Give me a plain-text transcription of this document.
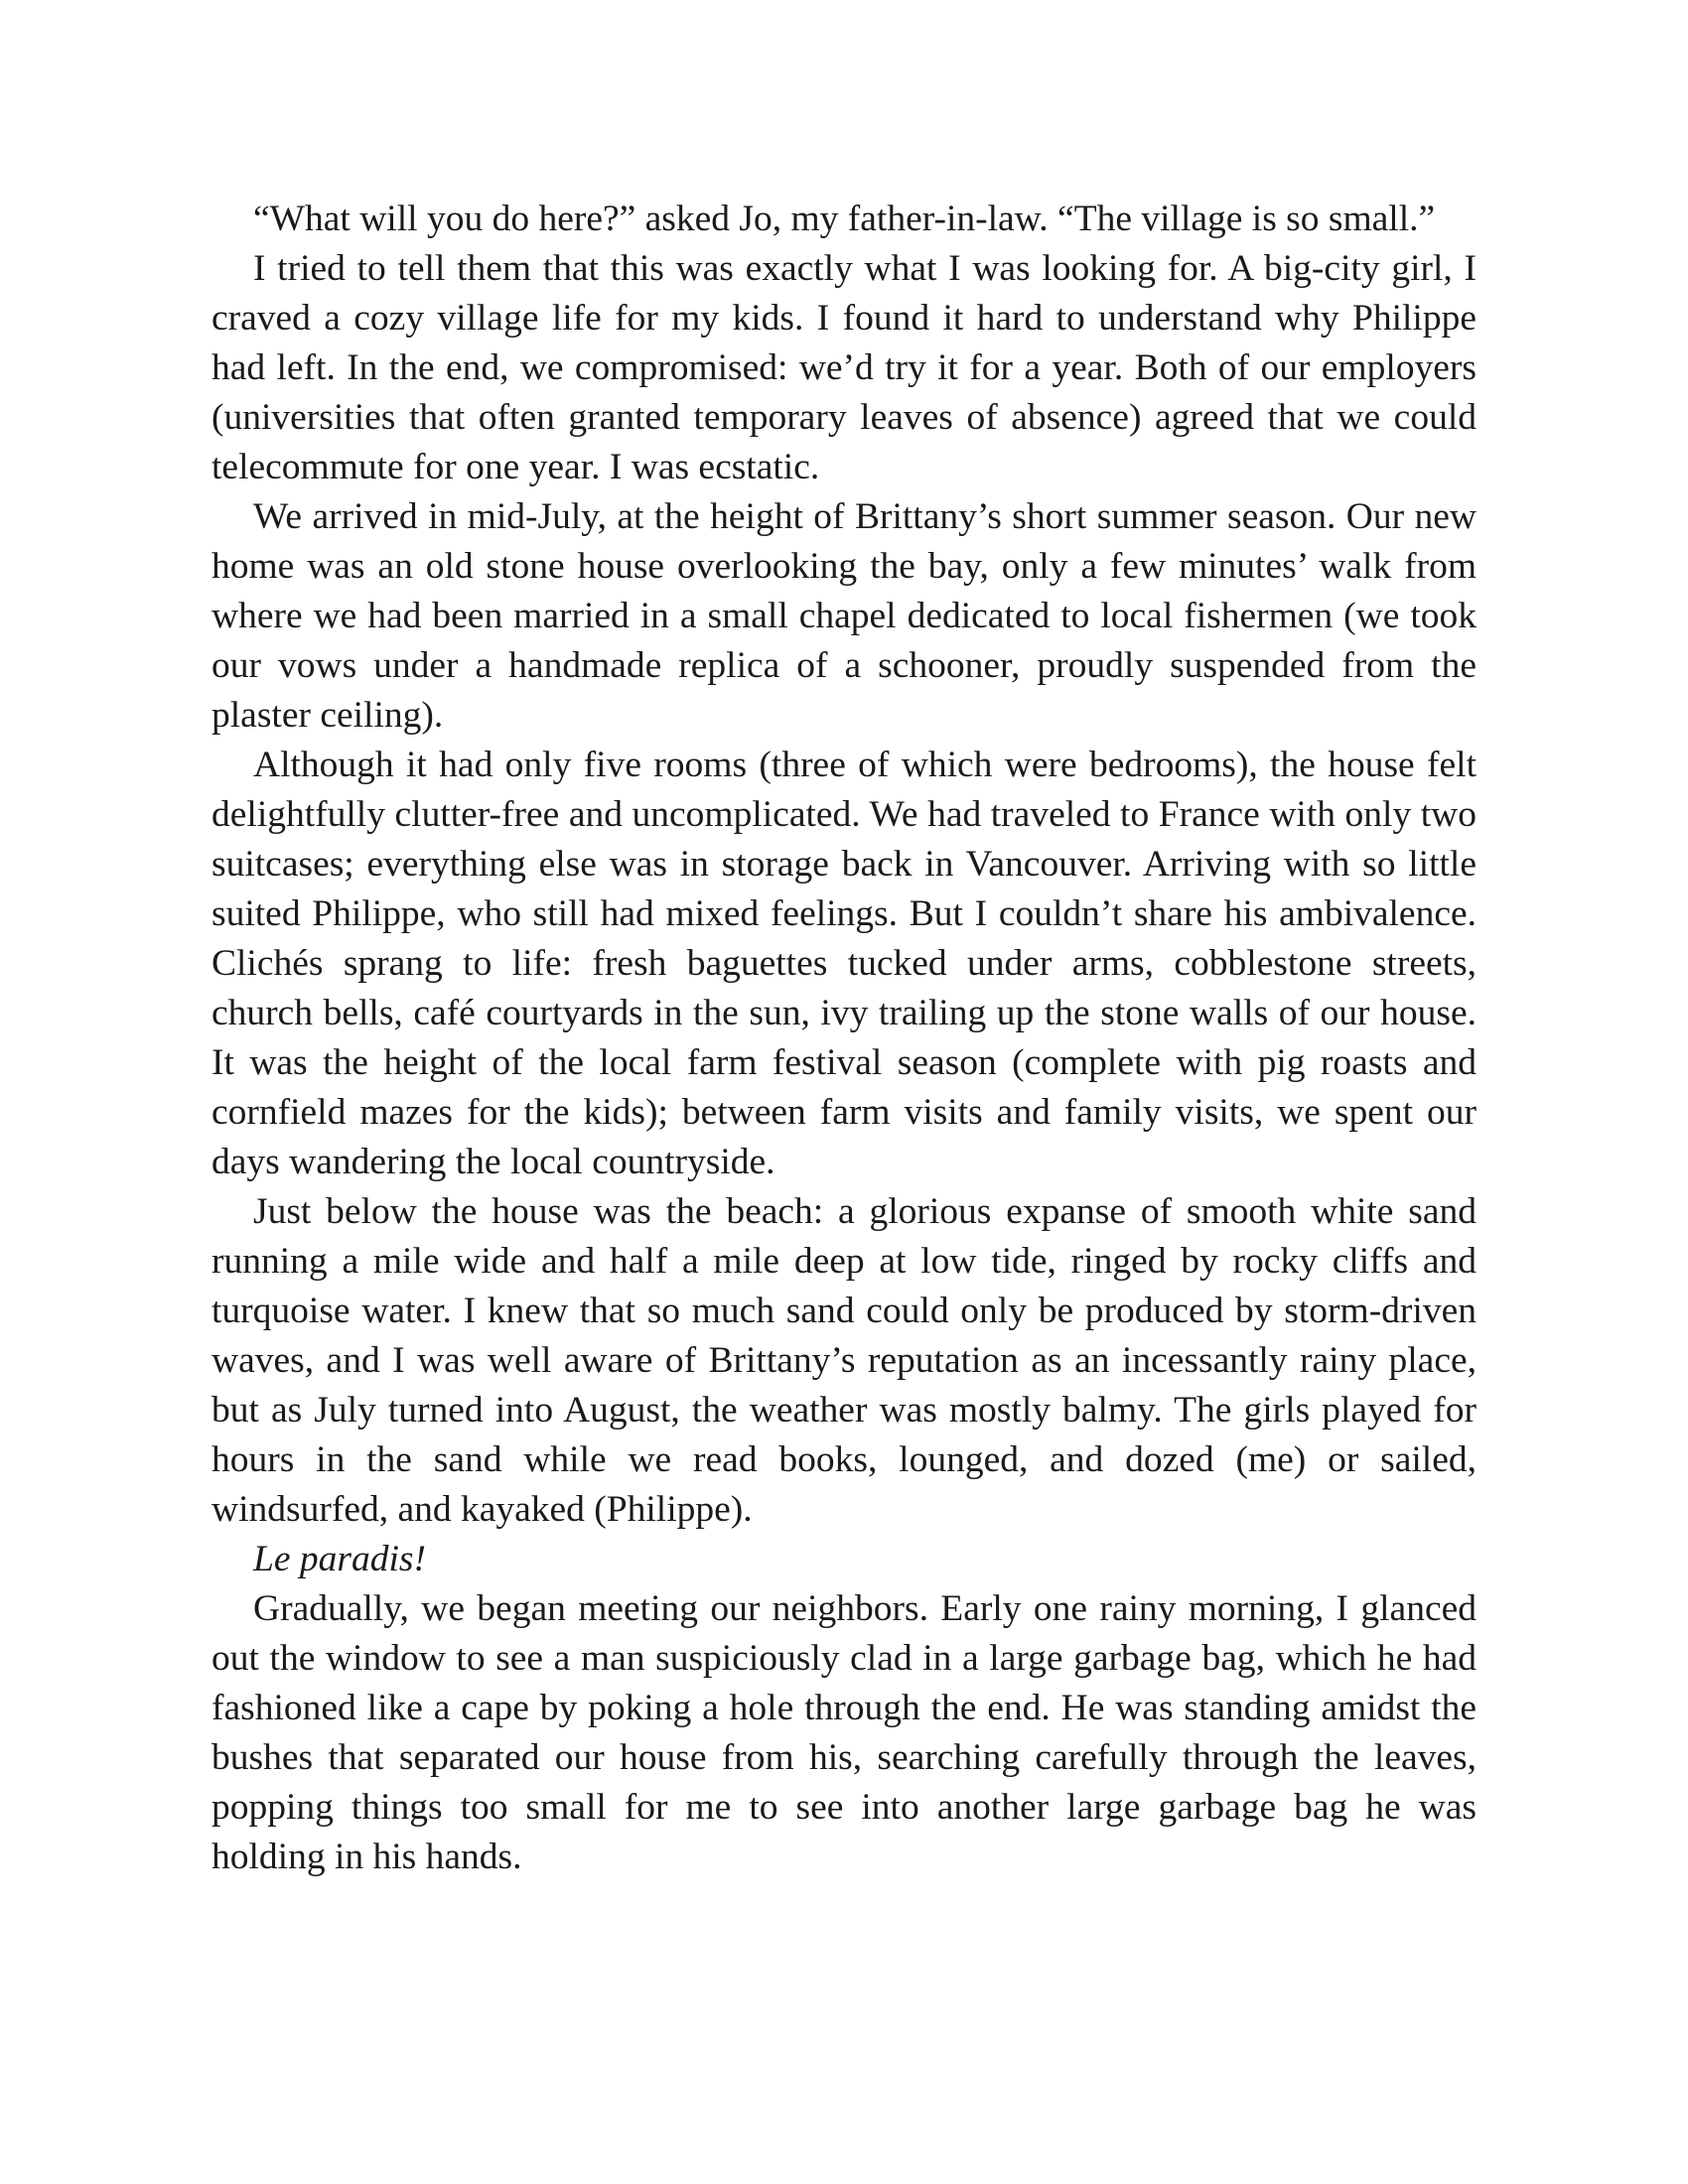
“What will you do here?” asked Jo, my father-in-law. “The village is so small.”

I tried to tell them that this was exactly what I was looking for. A big-city girl, I craved a cozy village life for my kids. I found it hard to understand why Philippe had left. In the end, we compromised: we’d try it for a year. Both of our employers (universities that often granted temporary leaves of absence) agreed that we could telecommute for one year. I was ecstatic.

We arrived in mid-July, at the height of Brittany’s short summer season. Our new home was an old stone house overlooking the bay, only a few minutes’ walk from where we had been married in a small chapel dedicated to local fishermen (we took our vows under a handmade replica of a schooner, proudly suspended from the plaster ceiling).

Although it had only five rooms (three of which were bedrooms), the house felt delightfully clutter-free and uncomplicated. We had traveled to France with only two suitcases; everything else was in storage back in Vancouver. Arriving with so little suited Philippe, who still had mixed feelings. But I couldn’t share his ambivalence. Clichés sprang to life: fresh baguettes tucked under arms, cobblestone streets, church bells, café courtyards in the sun, ivy trailing up the stone walls of our house. It was the height of the local farm festival season (complete with pig roasts and cornfield mazes for the kids); between farm visits and family visits, we spent our days wandering the local countryside.

Just below the house was the beach: a glorious expanse of smooth white sand running a mile wide and half a mile deep at low tide, ringed by rocky cliffs and turquoise water. I knew that so much sand could only be produced by storm-driven waves, and I was well aware of Brittany’s reputation as an incessantly rainy place, but as July turned into August, the weather was mostly balmy. The girls played for hours in the sand while we read books, lounged, and dozed (me) or sailed, windsurfed, and kayaked (Philippe).

Le paradis!

Gradually, we began meeting our neighbors. Early one rainy morning, I glanced out the window to see a man suspiciously clad in a large garbage bag, which he had fashioned like a cape by poking a hole through the end. He was standing amidst the bushes that separated our house from his, searching carefully through the leaves, popping things too small for me to see into another large garbage bag he was holding in his hands.
